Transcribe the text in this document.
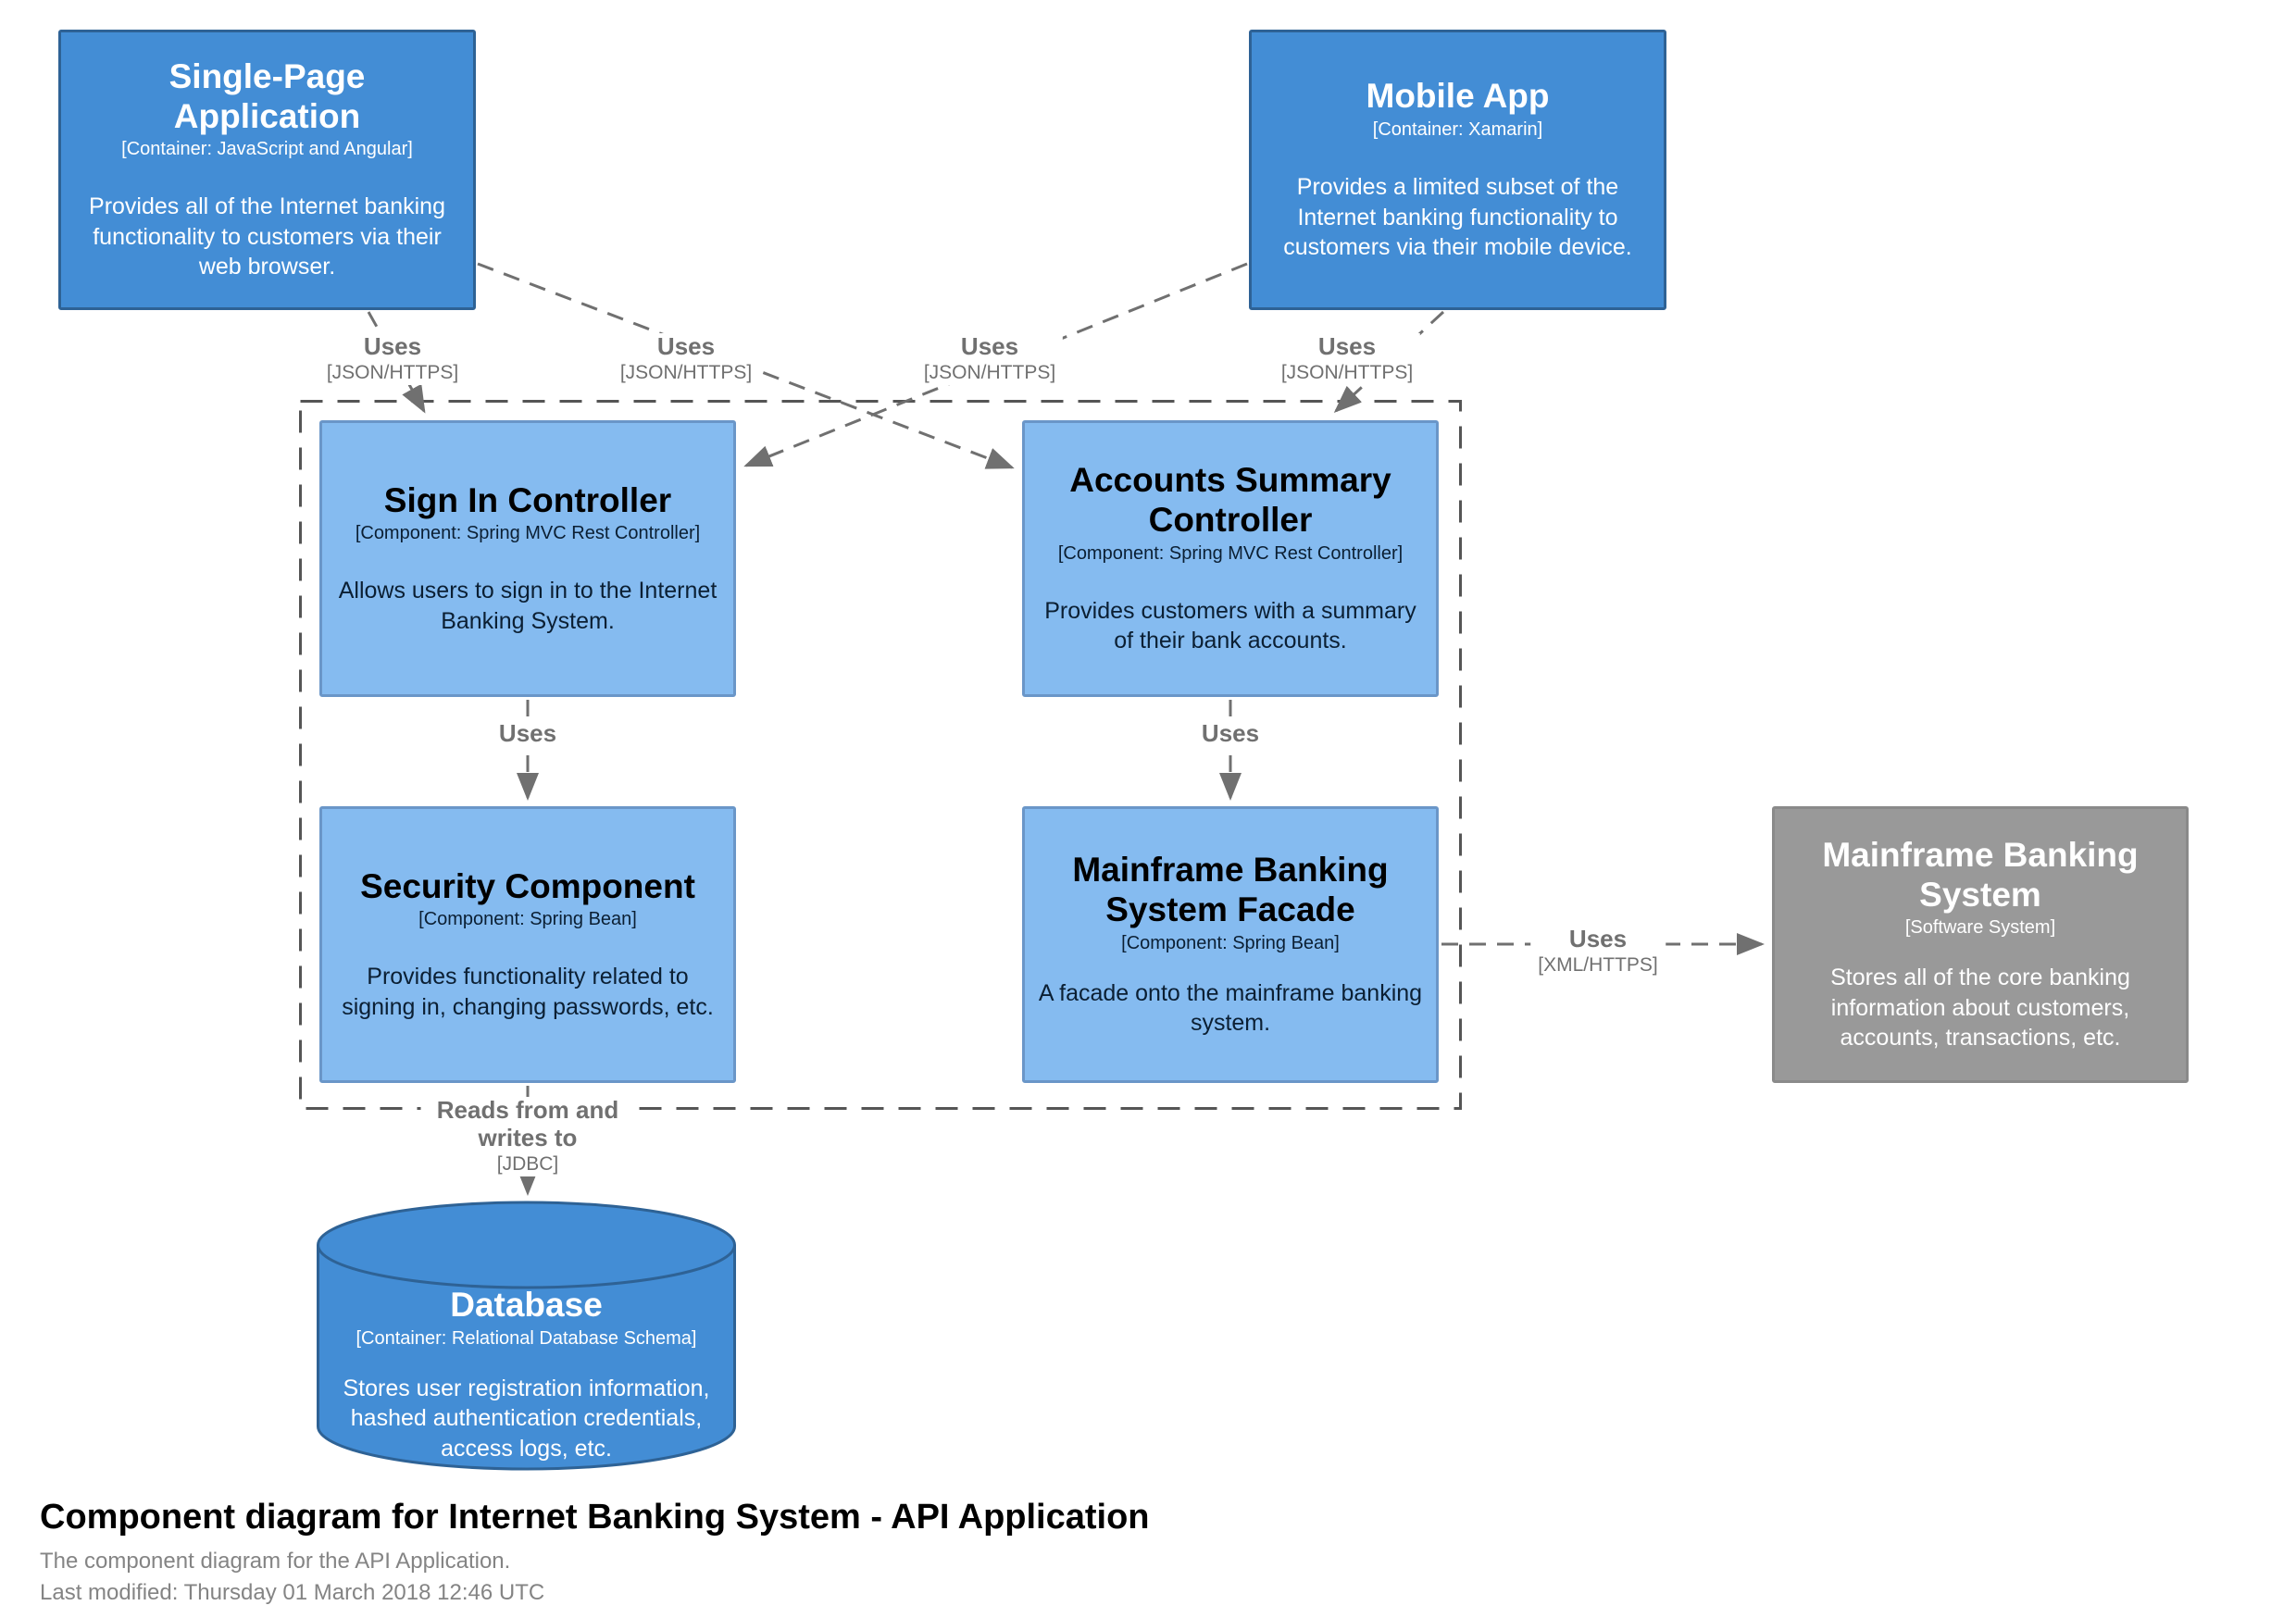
Single-Page Application
[Container: JavaScript and Angular]
Provides all of the Internet banking functionality to customers via their web browser.
Mobile App
[Container: Xamarin]
Provides a limited subset of the Internet banking functionality to customers via their mobile device.
Sign In Controller
[Component: Spring MVC Rest Controller]
Allows users to sign in to the Internet Banking System.
Accounts Summary Controller
[Component: Spring MVC Rest Controller]
Provides customers with a summary of their bank accounts.
Security Component
[Component: Spring Bean]
Provides functionality related to signing in, changing passwords, etc.
Mainframe Banking System Facade
[Component: Spring Bean]
A facade onto the mainframe banking system.
Mainframe Banking System
[Software System]
Stores all of the core banking information about customers, accounts, transactions, etc.
Database
[Container: Relational Database Schema]
Stores user registration information, hashed authentication credentials, access logs, etc.
Uses
[JSON/HTTPS]
Uses
[JSON/HTTPS]
Uses
[JSON/HTTPS]
Uses
[JSON/HTTPS]
Uses	Uses
Uses
[XML/HTTPS]
Reads from and writes to
[JDBC]

Component diagram for Internet Banking System - API Application

The component diagram for the API Application.

Last modified: Thursday 01 March 2018 12:46 UTC
